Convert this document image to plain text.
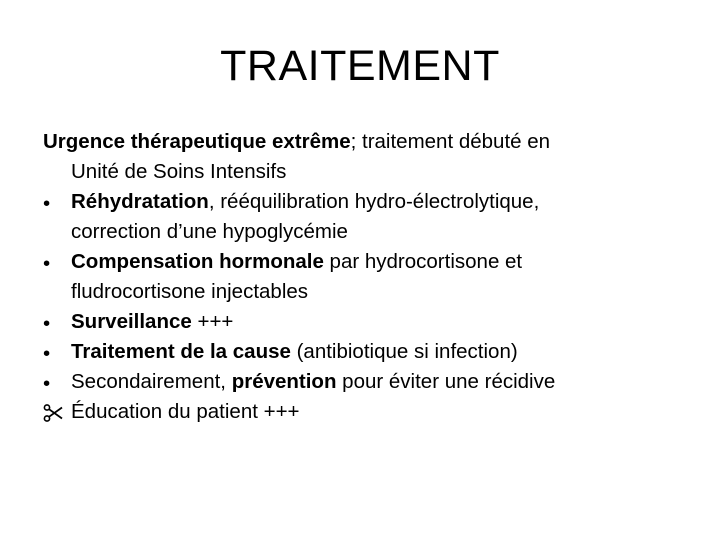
TRAITEMENT
Urgence thérapeutique extrême; traitement débuté en
Unité de Soins Intensifs
•	Réhydratation, rééquilibration hydro-électrolytique,
correction d’une hypoglycémie
•	Compensation hormonale par hydrocortisone et
fludrocortisone injectables
•	Surveillance +++
•	Traitement de la cause (antibiotique si infection)
•	Secondairement, prévention pour éviter une récidive
Éducation du patient +++
